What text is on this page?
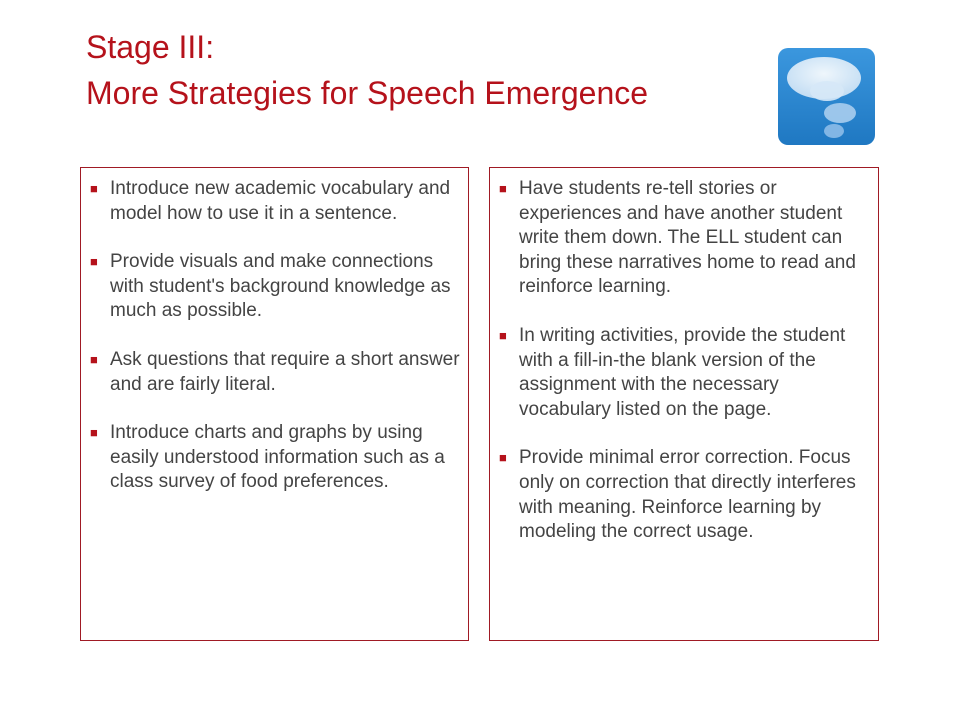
Stage III:
More Strategies for Speech Emergence
■ Introduce new academic vocabulary and model how to use it in a sentence.
■ Provide visuals and make connections with student's background knowledge as much as possible.
■ Ask questions that require a short answer and are fairly literal.
■ Introduce charts and graphs by using easily understood information such as a class survey of food preferences.
■ Have students re-tell stories or experiences and have another student write them down. The ELL student can bring these narratives home to read and reinforce learning.
■ In writing activities, provide the student with a fill-in-the blank version of the assignment with the necessary vocabulary listed on the page.
■ Provide minimal error correction. Focus only on correction that directly interferes with meaning. Reinforce learning by modeling the correct usage.
